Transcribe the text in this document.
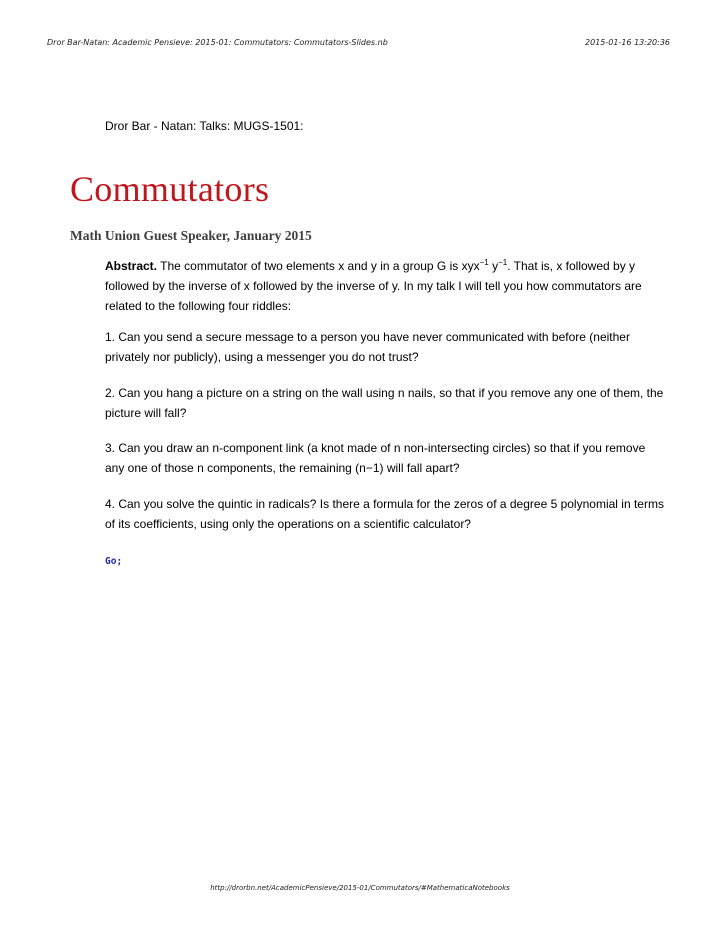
Dror Bar-Natan: Academic Pensieve: 2015-01: Commutators: Commutators-Slides.nb	2015-01-16 13:20:36
Dror Bar - Natan: Talks: MUGS-1501:
Commutators
Math Union Guest Speaker, January 2015
Abstract. The commutator of two elements x and y in a group G is xyx$^{-1}$ $y^{-1}$. That is, x followed by y followed by the inverse of x followed by the inverse of y. In my talk I will tell you how commutators are related to the following four riddles:
1. Can you send a secure message to a person you have never communicated with before (neither privately nor publicly), using a messenger you do not trust?
2. Can you hang a picture on a string on the wall using n nails, so that if you remove any one of them, the picture will fall?
3. Can you draw an n-component link (a knot made of n non-intersecting circles) so that if you remove any one of those n components, the remaining (n−1) will fall apart?
4. Can you solve the quintic in radicals? Is there a formula for the zeros of a degree 5 polynomial in terms of its coefficients, using only the operations on a scientific calculator?
Go;
http://drorbn.net/AcademicPensieve/2015-01/Commutators/#MathematicaNotebooks
